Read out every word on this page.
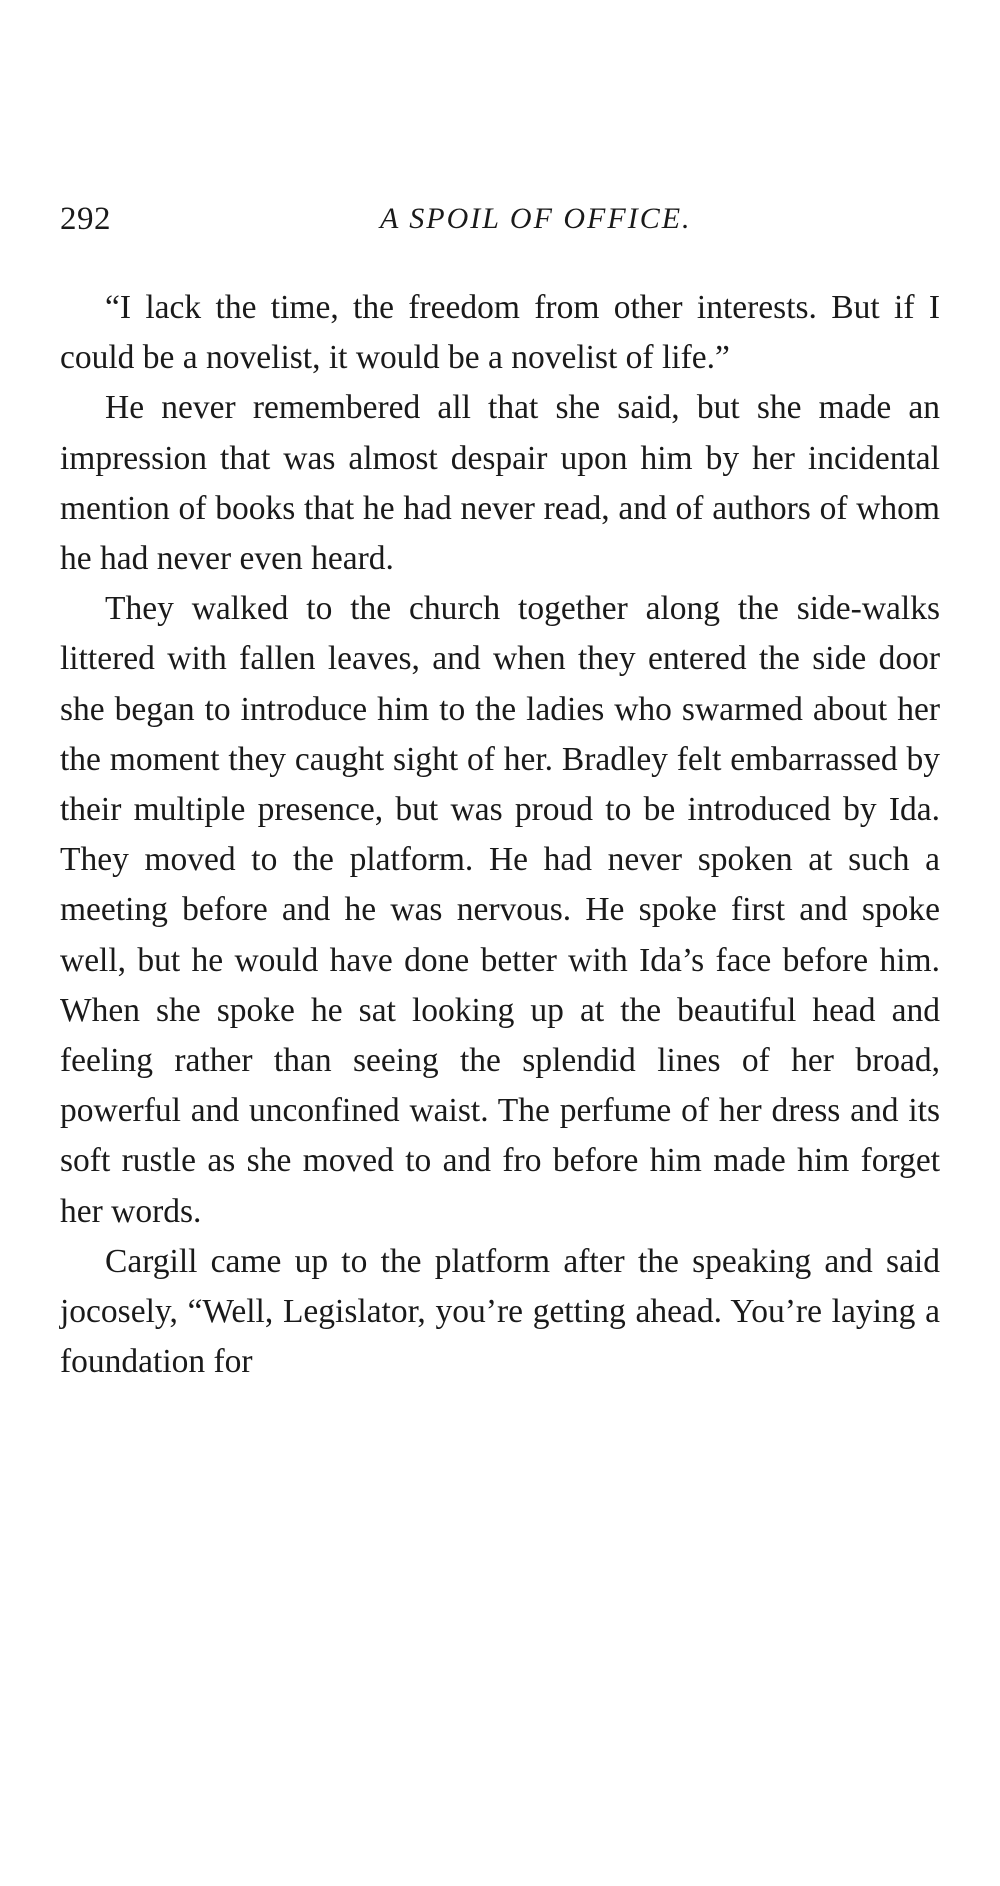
292	A SPOIL OF OFFICE.

“I lack the time, the freedom from other interests. But if I could be a novelist, it would be a novelist of life.”

He never remembered all that she said, but she made an impression that was almost despair upon him by her incidental mention of books that he had never read, and of authors of whom he had never even heard.

They walked to the church together along the side-walks littered with fallen leaves, and when they entered the side door she began to introduce him to the ladies who swarmed about her the moment they caught sight of her. Bradley felt embarrassed by their multiple presence, but was proud to be introduced by Ida. They moved to the platform. He had never spoken at such a meeting before and he was nervous. He spoke first and spoke well, but he would have done better with Ida’s face before him. When she spoke he sat looking up at the beautiful head and feeling rather than seeing the splendid lines of her broad, powerful and unconfined waist. The perfume of her dress and its soft rustle as she moved to and fro before him made him forget her words.

Cargill came up to the platform after the speaking and said jocosely, “Well, Legislator, you’re getting ahead. You’re laying a foundation for
